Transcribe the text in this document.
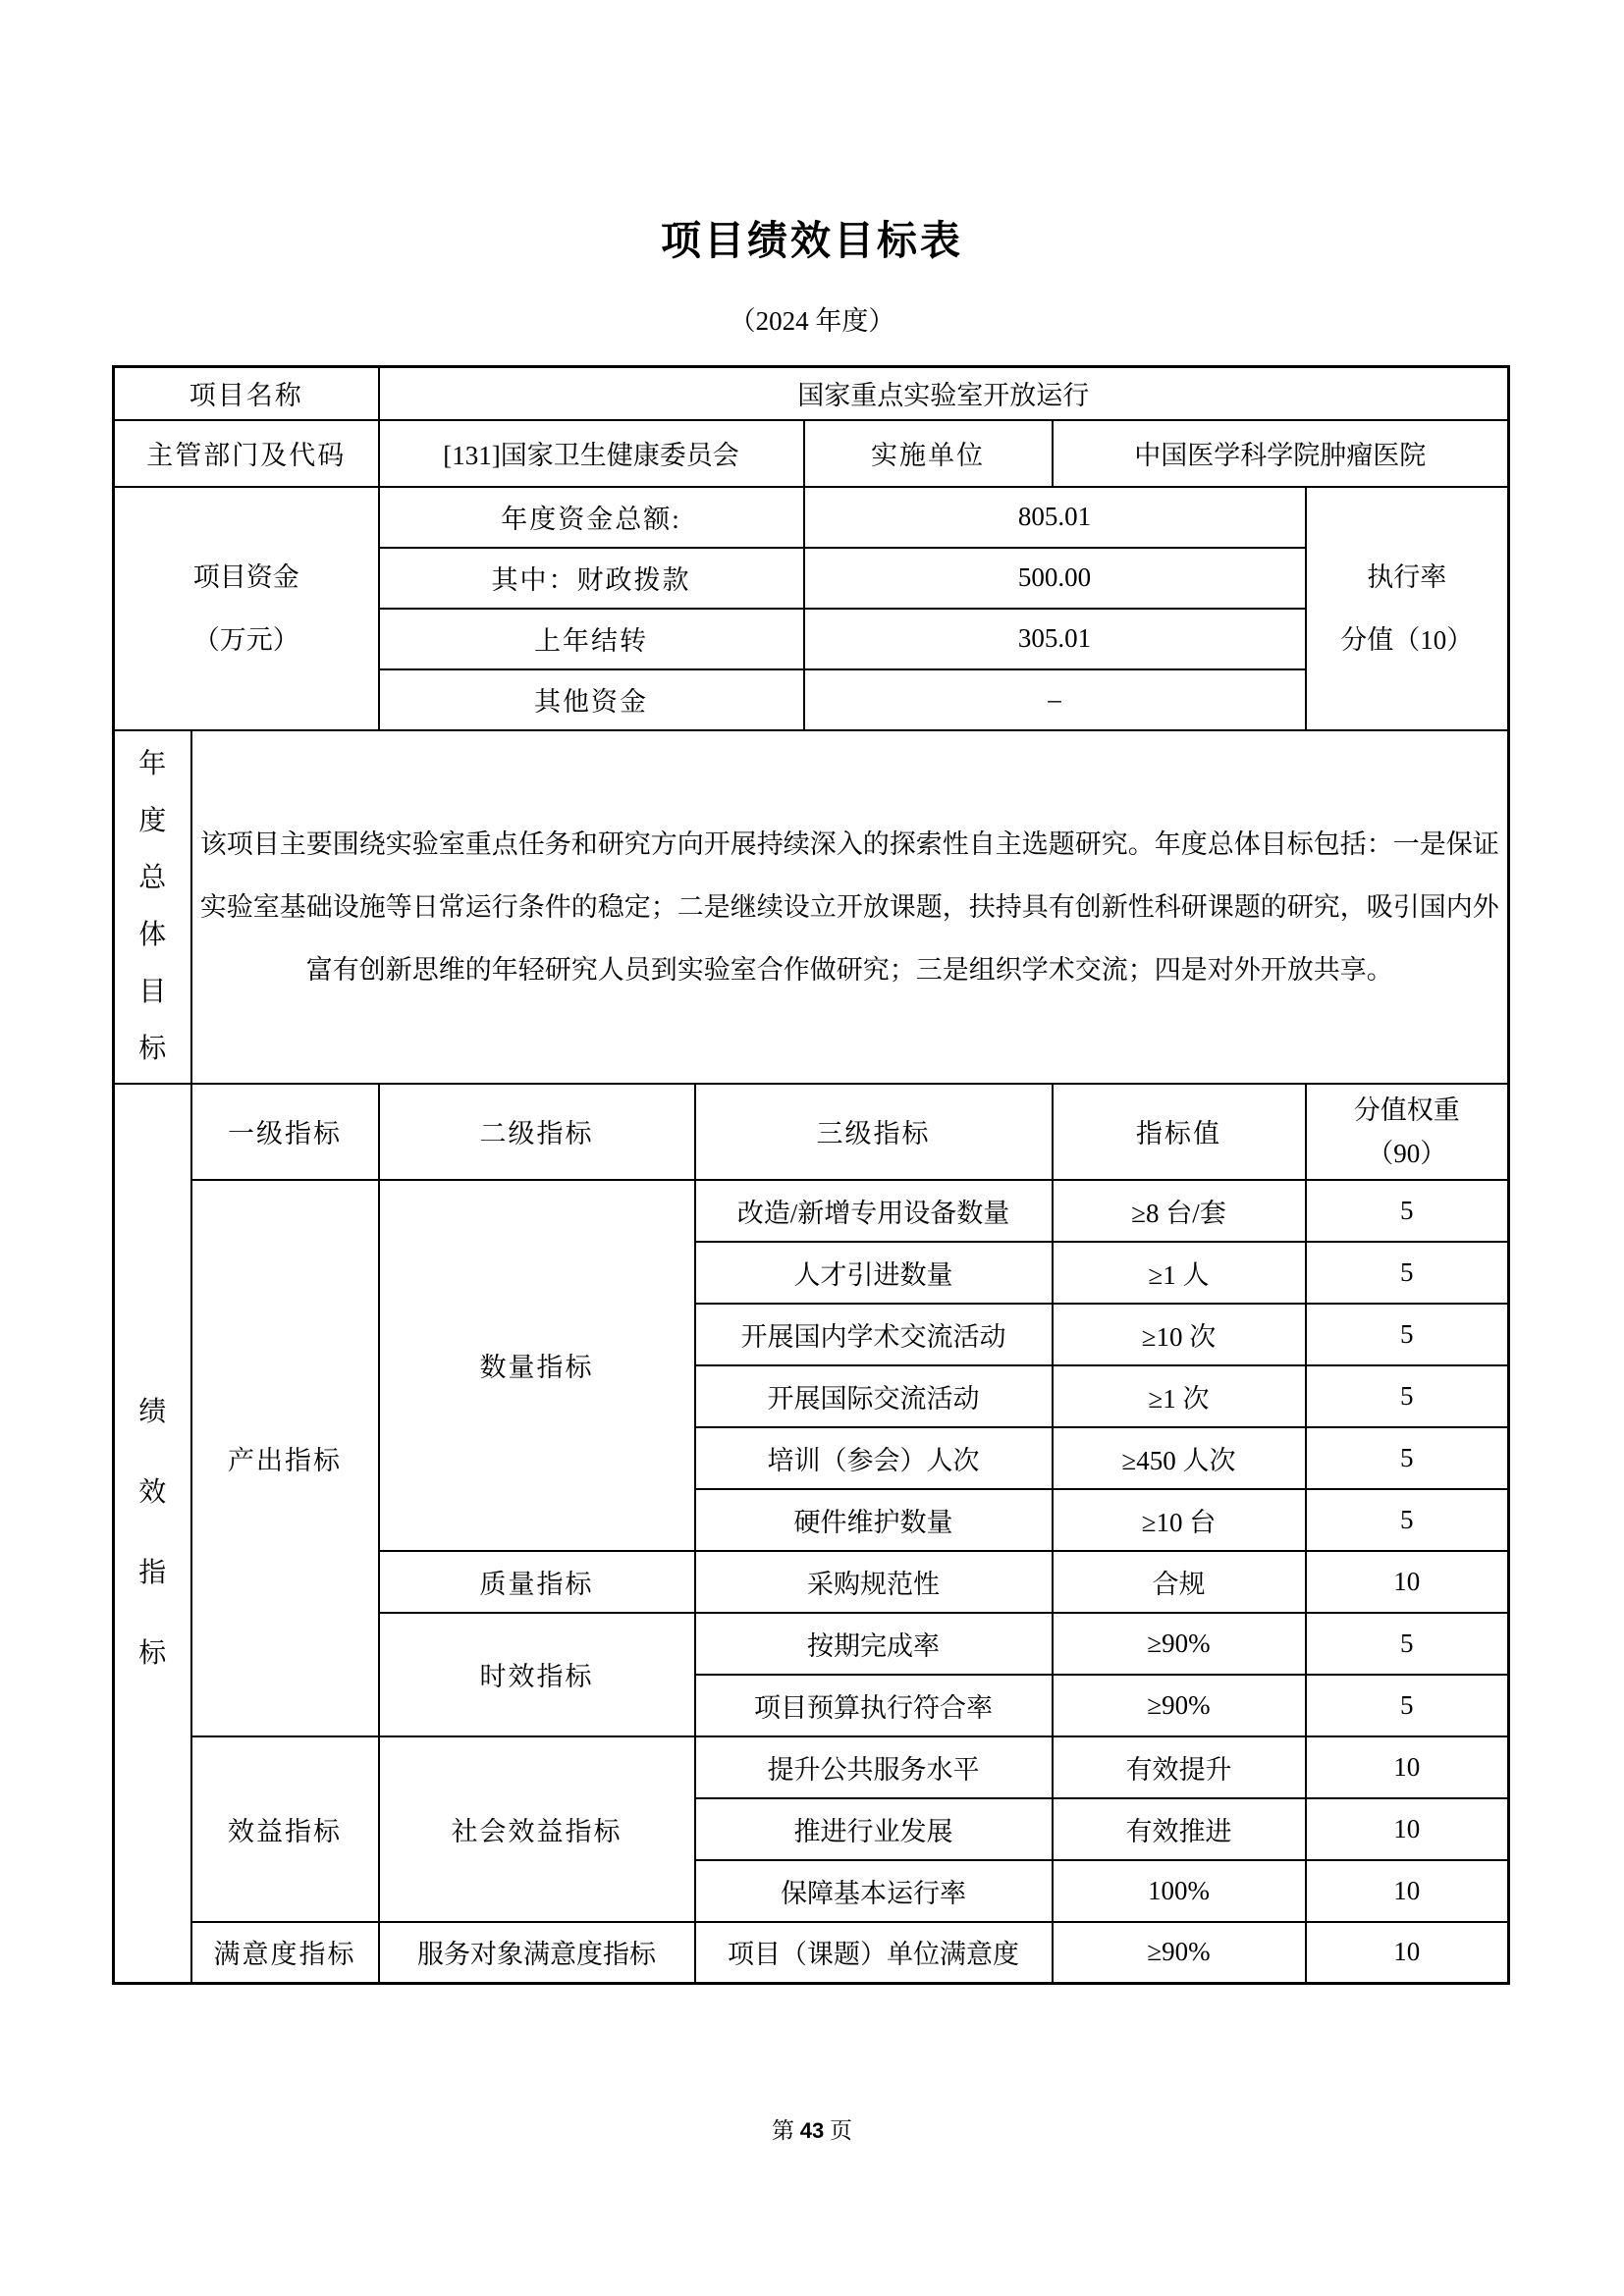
项目绩效目标表
（2024 年度）
项目名称		国家重点实验室开放运行				
主管部门及代码		[131]国家卫生健康委员会		实施单位	中国医学科学院肿瘤医院	

项目资金
（万元）
	年度资金总额:	805.01	
执行率
分值（10）

		其中：财政拨款		500.00		
		上年结转		305.01		
		其他资金		–		

年度总体目标	该项目主要围绕实验室重点任务和研究方向开展持续深入的探索性自主选题研究。年度总体目标包括：一是保证实验室基础设施等日常运行条件的稳定；二是继续设立开放课题，扶持具有创新性科研课题的研究，吸引国内外富有创新思维的年轻研究人员到实验室合作做研究；三是组织学术交流；四是对外开放共享。					

绩效指标	一级指标	二级指标	三级指标		指标值	分值权重
（90）

	产出指标	数量指标	改造/新增专用设备数量		≥8 台/套	5
			人才引进数量		≥1 人	5
			开展国内学术交流活动		≥10 次	5
			开展国际交流活动		≥1 次	5
			培训（参会）人次		≥450 人次	5
			硬件维护数量		≥10 台	5
		质量指标	采购规范性		合规	10
		时效指标	按期完成率		≥90%	5
			项目预算执行符合率		≥90%	5
	效益指标	社会效益指标	提升公共服务水平		有效提升	10
			推进行业发展		有效推进	10
			保障基本运行率		100%	10
	满意度指标	服务对象满意度指标	项目（课题）单位满意度		≥90%	10
第 43 页
